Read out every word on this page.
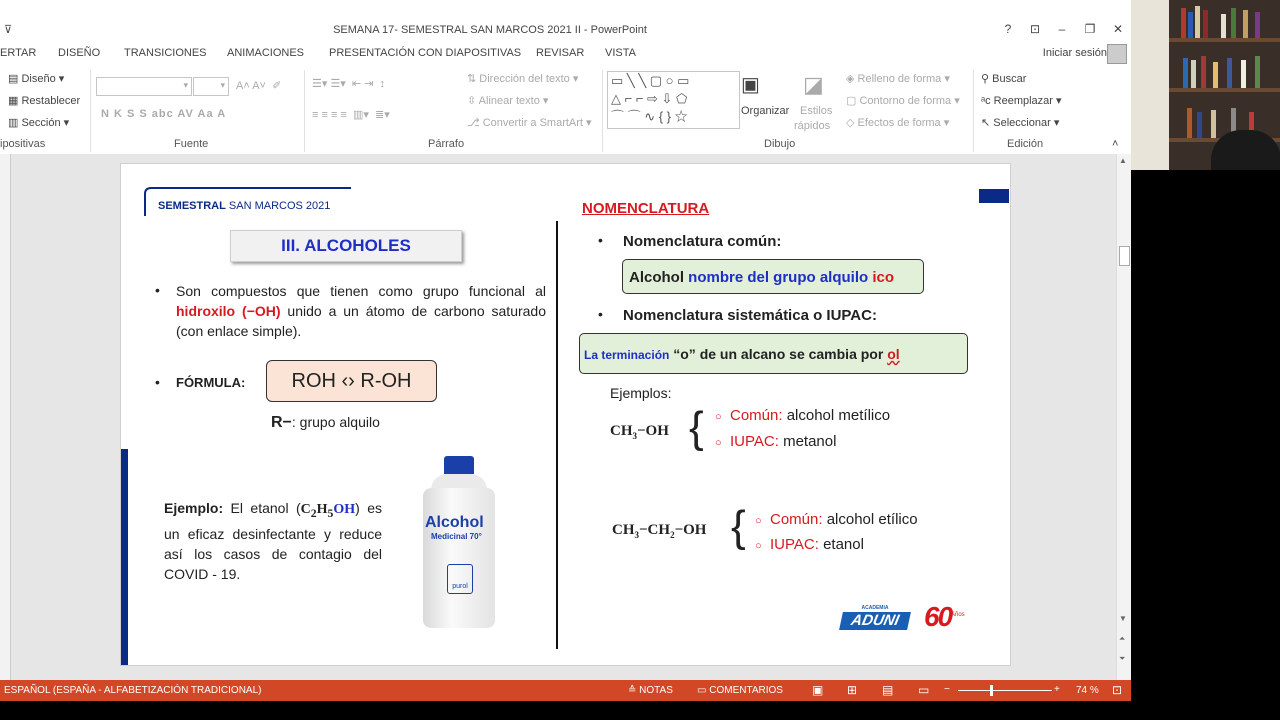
⊽	SEMANA 17- SEMESTRAL SAN MARCOS 2021 II - PowerPoint	?	⊡	–	❐	✕
ERTAR DISEÑO TRANSICIONES ANIMACIONES PRESENTACIÓN CON DIAPOSITIVAS REVISAR VISTA	Iniciar sesión
▤ Diseño ▾
▦ Restablecer
▥ Sección ▾
ipositivas
▾	▾ A˄ A˅  ✐
N K S S abc AV Aa A
Fuente
☰▾ ☰▾  ⇤ ⇥  ↕
≡ ≡ ≡ ≡  ▥▾  ≣▾
⇅ Dirección del texto ▾
⇳ Alinear texto ▾
⎇ Convertir a SmartArt ▾
Párrafo
▭ ╲ ╲ ▢ ○ ▭
△ ⌐ ⌐ ⇨ ⇩ ⬠
⌒ ⌒ ∿ { } ☆
▣
Organizar
◪
Estilos
rápidos
◈ Relleno de forma ▾
▢ Contorno de forma ▾
◇ Efectos de forma ▾
Dibujo
⚲ Buscar
ᵃc Reemplazar ▾
↖ Seleccionar ▾
Edición	˄
▲
▼
⏶
⏷
SEMESTRAL SAN MARCOS 2021
III. ALCOHOLES
• Son compuestos que tienen como grupo funcional al hidroxilo (−OH) unido a un átomo de carbono saturado (con enlace simple).
• FÓRMULA:	ROH ‹› R-OH
R−: grupo alquilo
Ejemplo: El etanol $(C_2H_5OH)$ es un eficaz desinfectante y reduce así los casos de contagio del COVID - 19.
Alcohol
Medicinal 70°
purol
NOMENCLATURA
• Nomenclatura común:
Alcohol nombre del grupo alquilo ico
• Nomenclatura sistemática o IUPAC:
La terminación “o” de un alcano se cambia por ol
Ejemplos:
$CH_3-OH$ { ○ Común: alcohol metílico
○ IUPAC: metanol
$CH_3-CH_2-OH$ { ○ Común: alcohol etílico
○ IUPAC: etanol
ACADEMIA
ADUNI 60 Años
ESPAÑOL (ESPAÑA - ALFABETIZACIÓN TRADICIONAL)	≙ NOTAS ▭ COMENTARIOS ▣ ⊞ ▤ ▭ −	+ 74 % ⊡
